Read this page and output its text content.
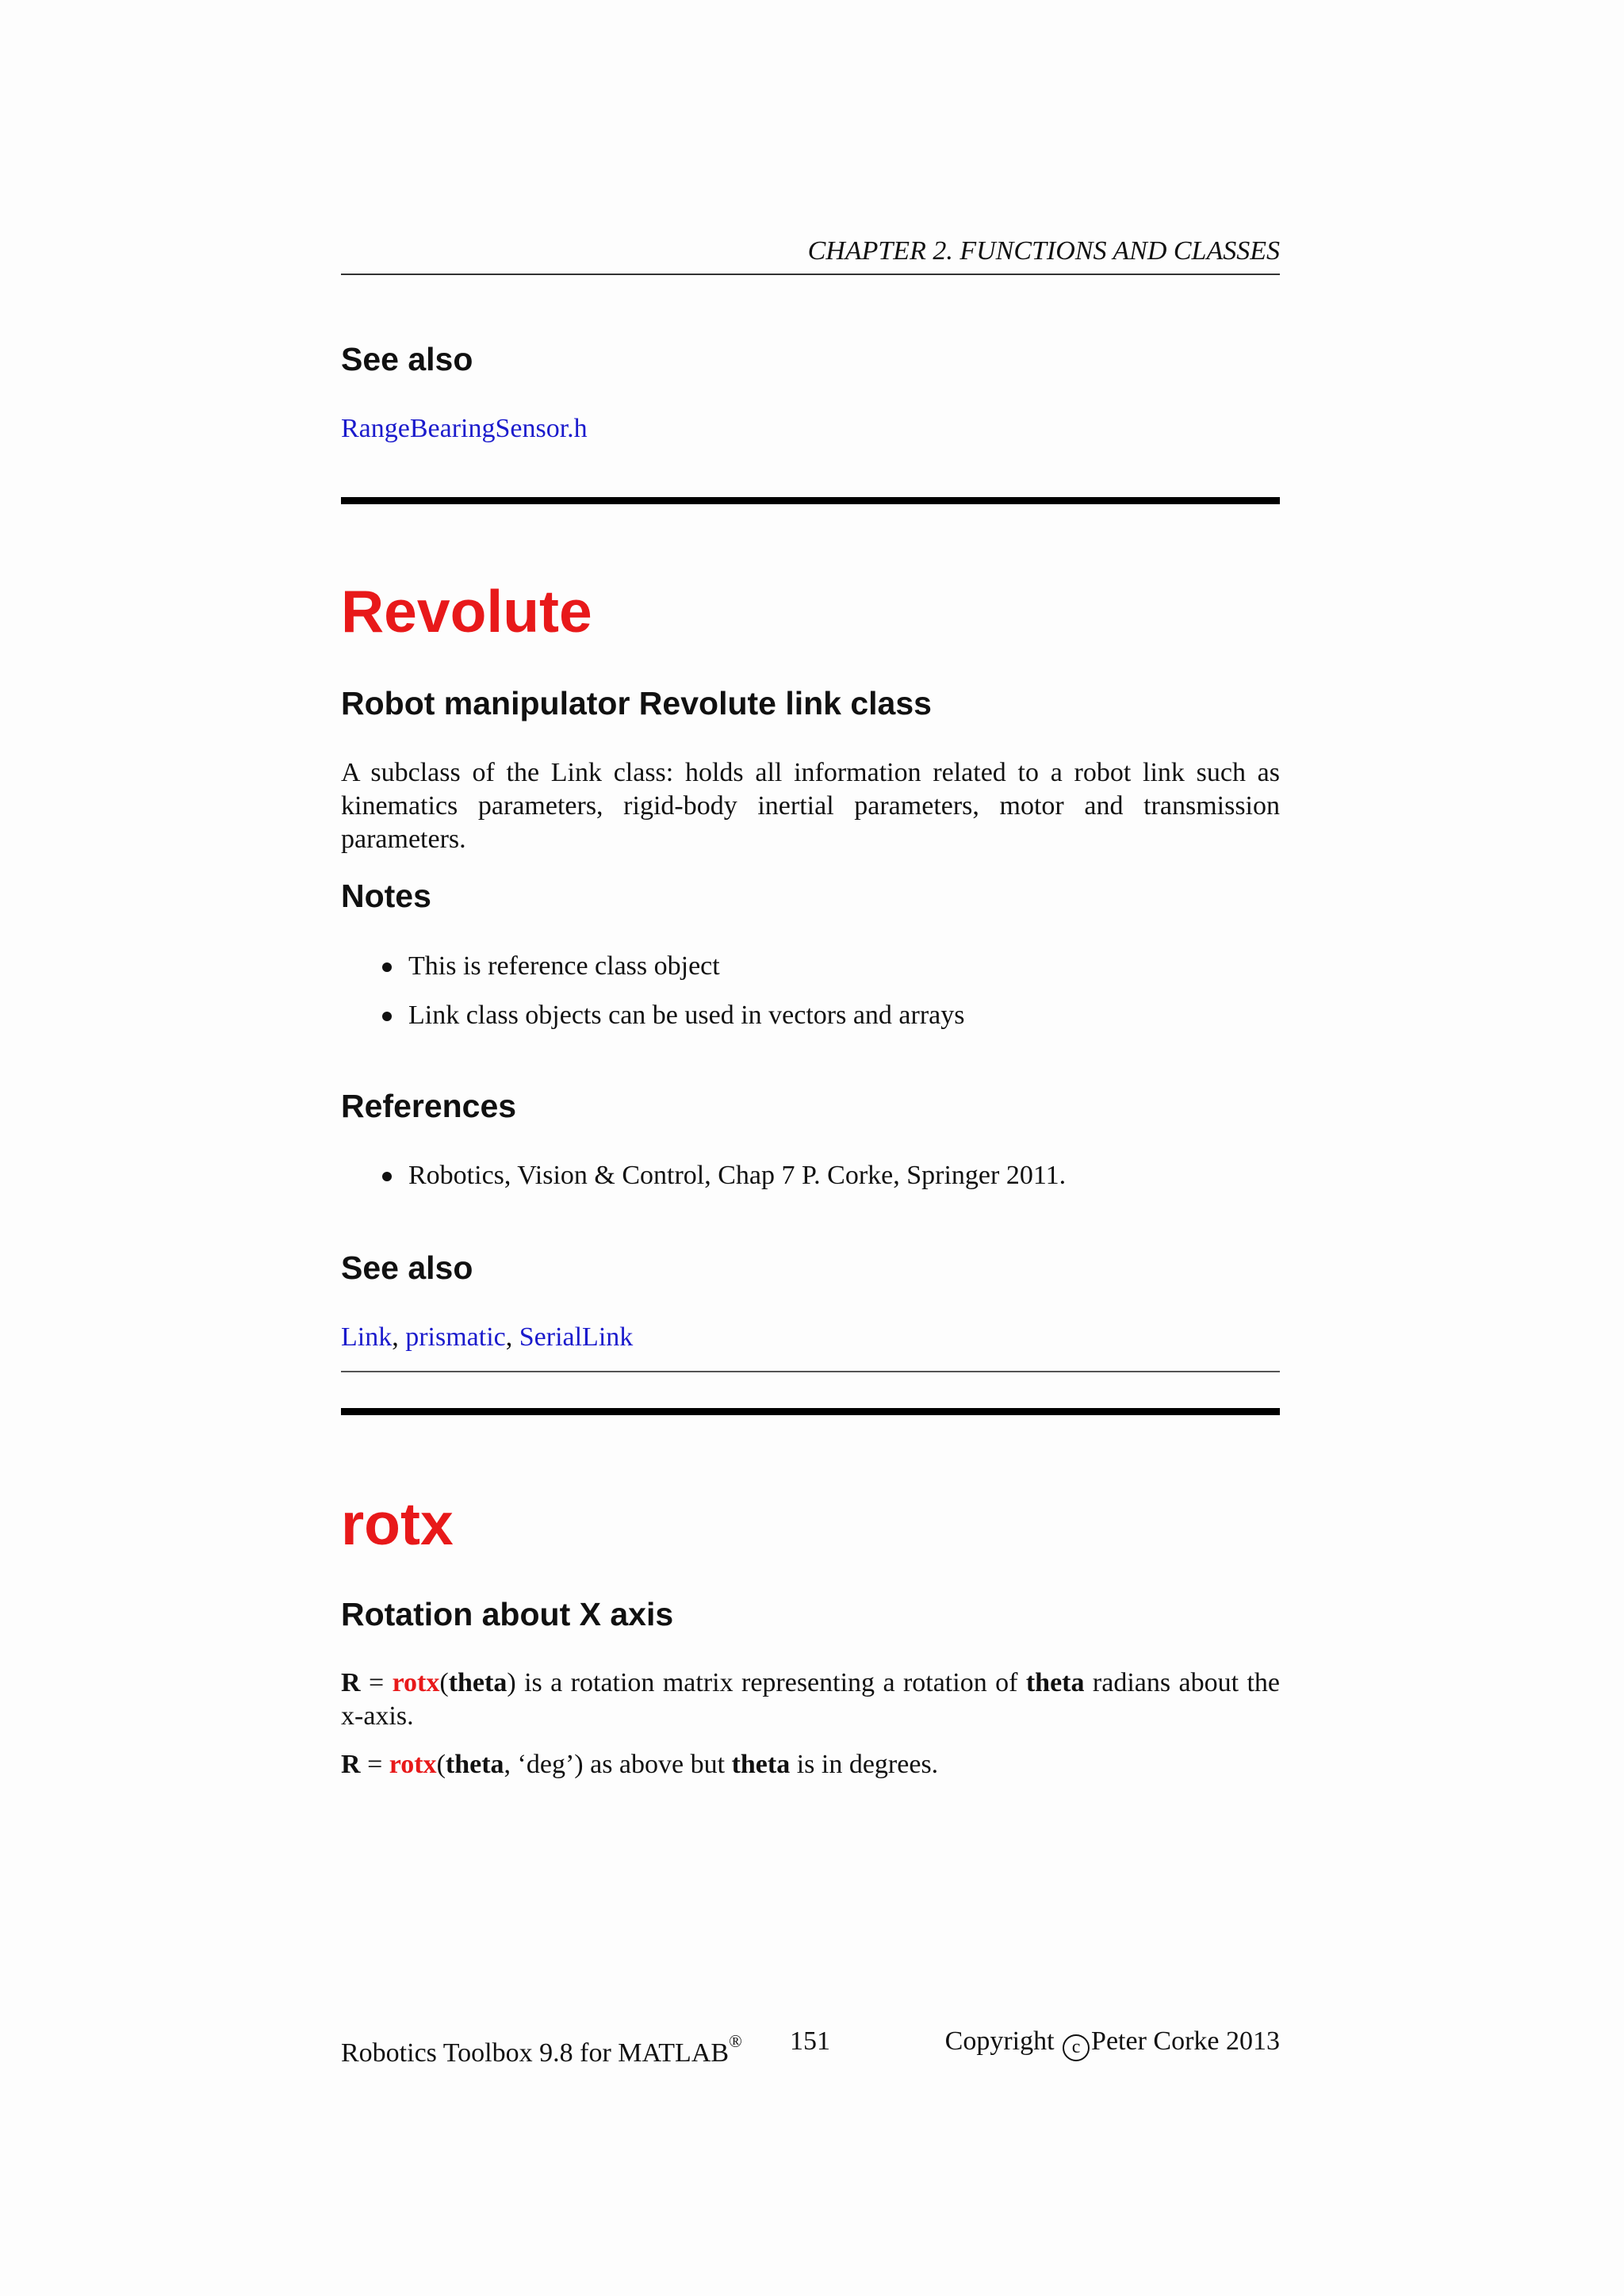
CHAPTER 2. FUNCTIONS AND CLASSES
See also
RangeBearingSensor.h
Revolute
Robot manipulator Revolute link class
A subclass of the Link class: holds all information related to a robot link such as kinematics parameters, rigid-body inertial parameters, motor and transmission parameters.
Notes
This is reference class object
Link class objects can be used in vectors and arrays
References
Robotics, Vision & Control, Chap 7 P. Corke, Springer 2011.
See also
Link, prismatic, SerialLink
rotx
Rotation about X axis
R = rotx(theta) is a rotation matrix representing a rotation of theta radians about the x-axis.
R = rotx(theta, ‘deg’) as above but theta is in degrees.
Robotics Toolbox 9.8 for MATLAB® 151	Copyright c Peter Corke 2013
